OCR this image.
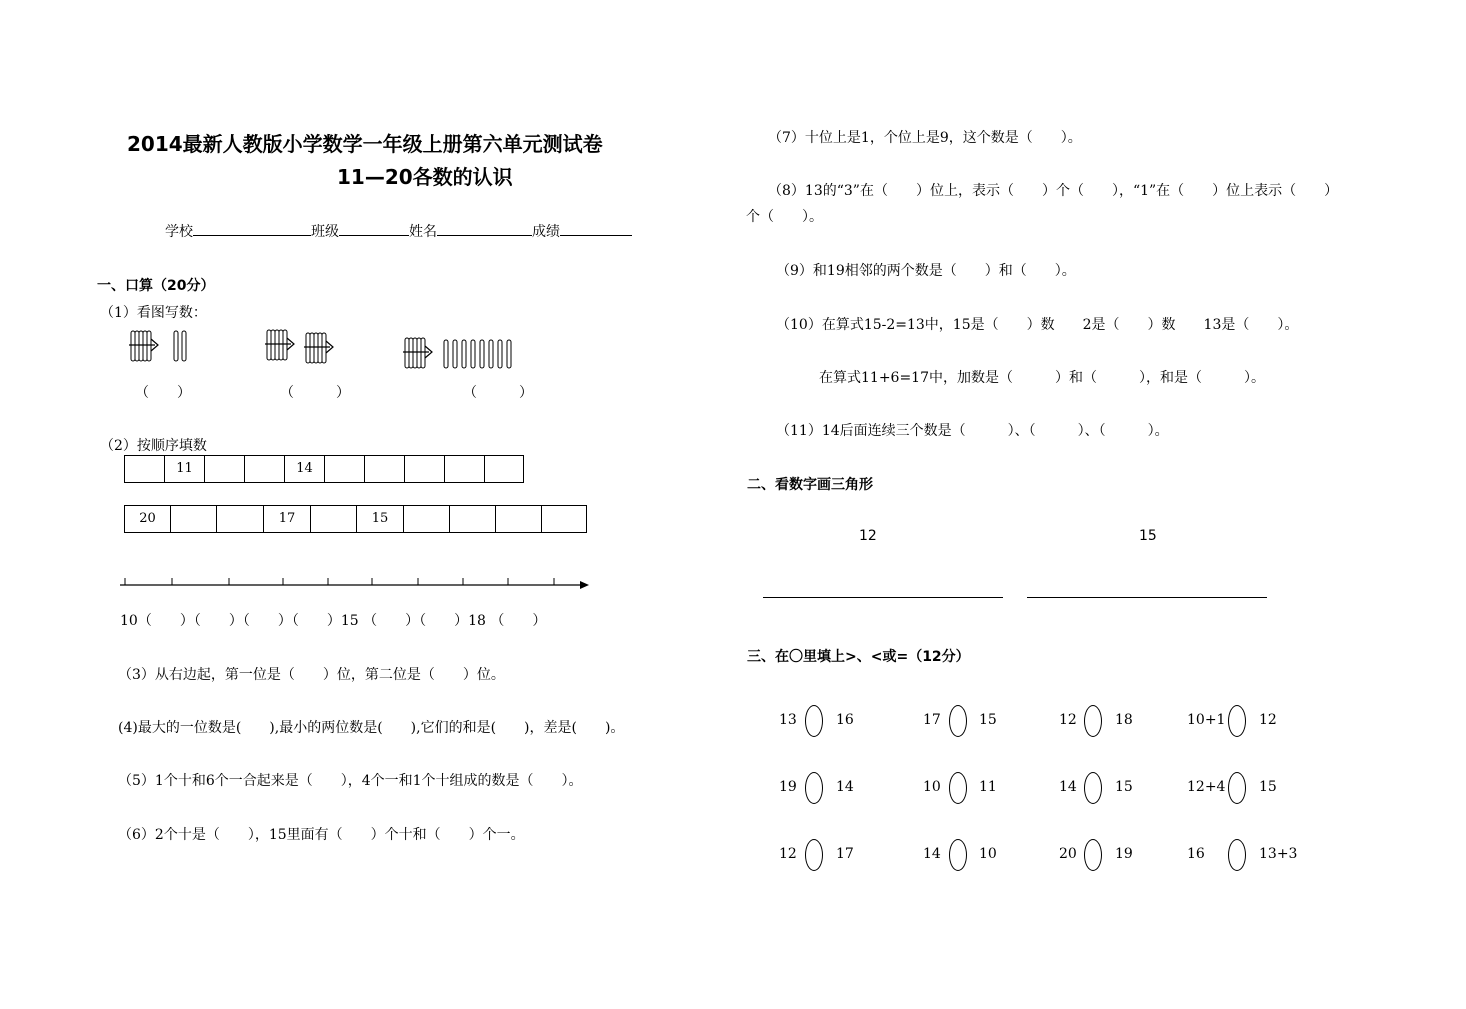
2014最新人教版小学数学一年级上册第六单元测试卷
11—20各数的认识
学校	班级	姓名	成绩
一、口算（20分）
（1）看图写数：
（　　）	（　　　）	（　　　）
（2）按顺序填数
11	14
20	17	15
10（　　）（　　）（　　）（　　）15 （　　）（　　）18 （　　）
（3）从右边起，第一位是（　　）位，第二位是（　　）位。
(4)最大的一位数是(　　),最小的两位数是(　　),它们的和是(　　)，差是(　　)。
（5）1个十和6个一合起来是（　　），4个一和1个十组成的数是（　　）。
（6）2个十是（　　），15里面有（　　）个十和（　　）个一。
（7）十位上是1，个位上是9，这个数是（　　）。
（8）13的“3”在（　　）位上，表示（　　）个（　　），“1”在（　　）位上表示（　　）
个（　　）。
（9）和19相邻的两个数是（　　）和（　　）。
（10）在算式15-2=13中，15是（　　）数　　2是（　　）数　　13是（　　）。
在算式11+6=17中，加数是（　　　）和（　　　），和是（　　　）。
（11）14后面连续三个数是（　　　）、（　　　）、（　　　）。
二、看数字画三角形
12	15
三、在〇里填上>、<或=（12分）
13	16	17	15	12	18	10+1 12
19	14	10	11	14	15	12+4 15
12	17	14	10	20	19	16	13+3
